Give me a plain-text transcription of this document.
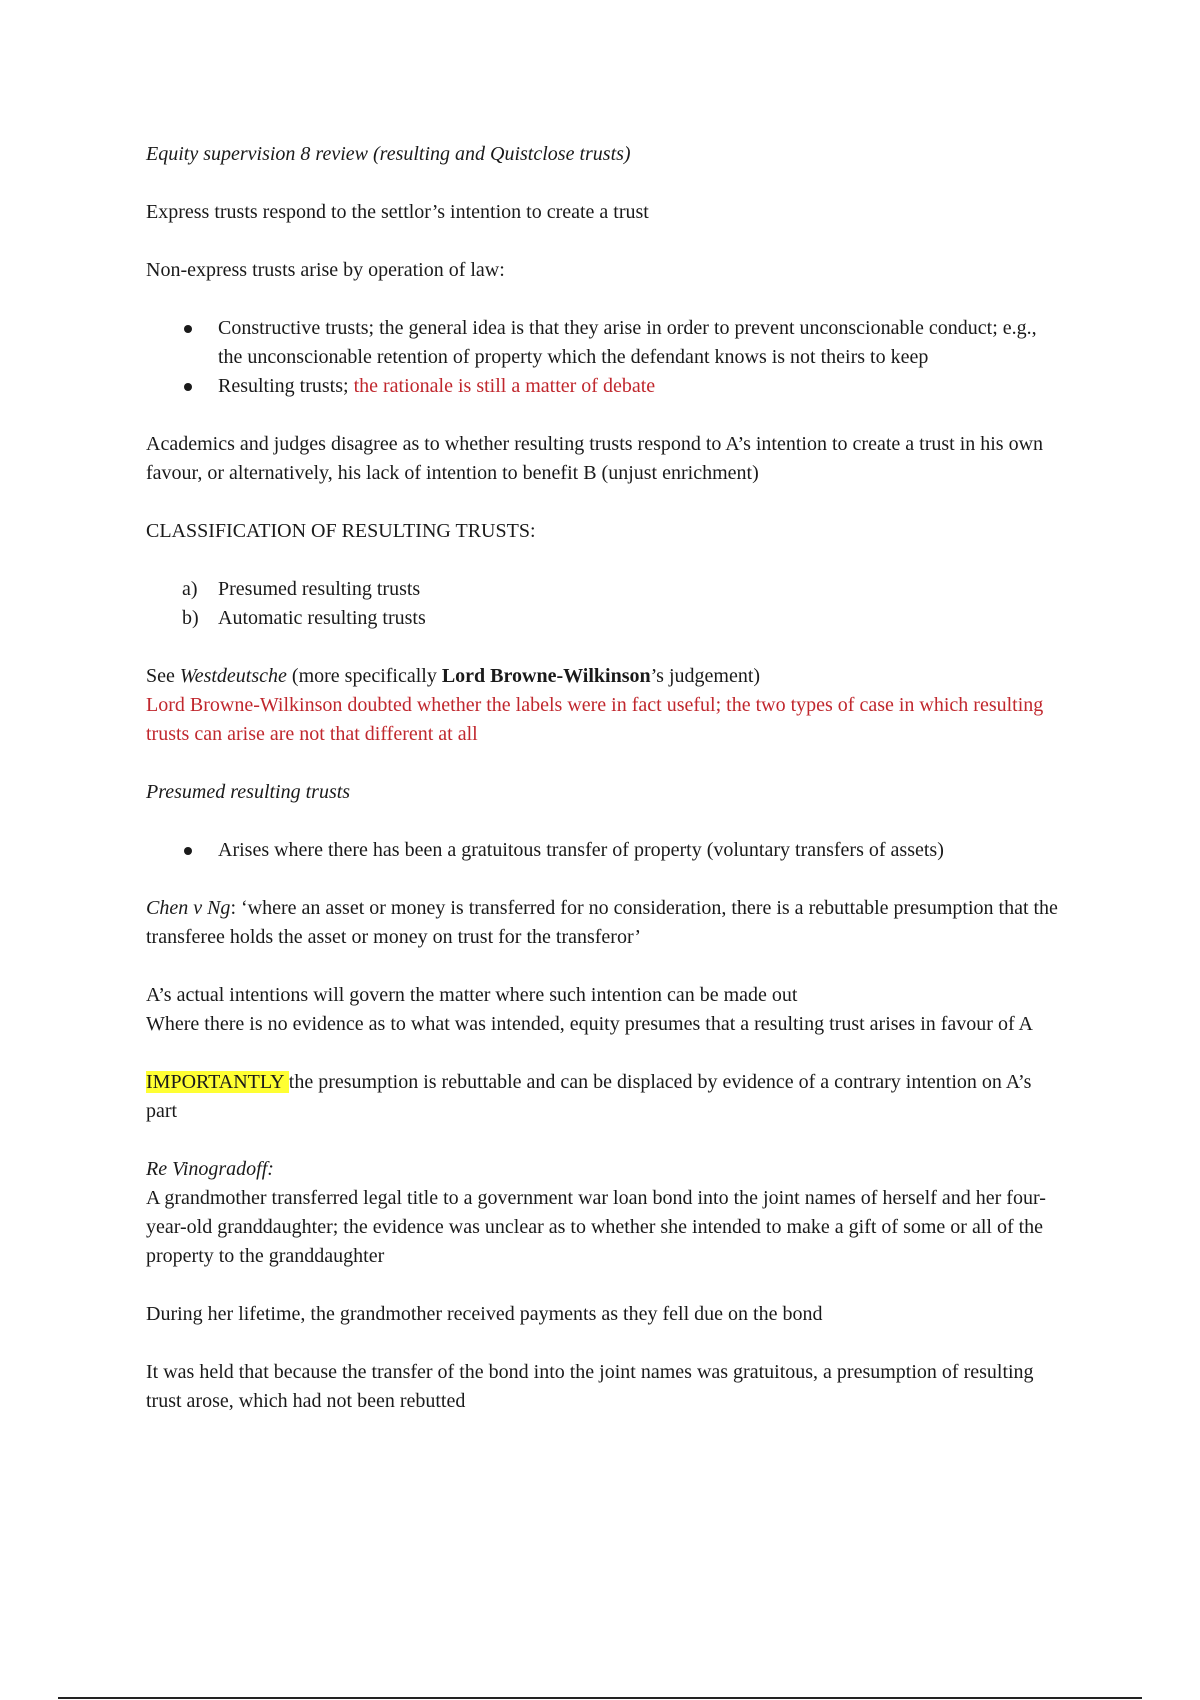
Equity supervision 8 review (resulting and Quistclose trusts)

Express trusts respond to the settlor’s intention to create a trust

Non-express trusts arise by operation of law:

Constructive trusts; the general idea is that they arise in order to prevent unconscionable conduct; e.g., the unconscionable retention of property which the defendant knows is not theirs to keep
Resulting trusts; the rationale is still a matter of debate

Academics and judges disagree as to whether resulting trusts respond to A’s intention to create a trust in his own favour, or alternatively, his lack of intention to benefit B (unjust enrichment)

CLASSIFICATION OF RESULTING TRUSTS:

a) Presumed resulting trusts
b) Automatic resulting trusts

See Westdeutsche (more specifically Lord Browne-Wilkinson’s judgement)

Lord Browne-Wilkinson doubted whether the labels were in fact useful; the two types of case in which resulting trusts can arise are not that different at all

Presumed resulting trusts

Arises where there has been a gratuitous transfer of property (voluntary transfers of assets)

Chen v Ng: ‘where an asset or money is transferred for no consideration, there is a rebuttable presumption that the transferee holds the asset or money on trust for the transferor’

A’s actual intentions will govern the matter where such intention can be made out

Where there is no evidence as to what was intended, equity presumes that a resulting trust arises in favour of A

IMPORTANTLY the presumption is rebuttable and can be displaced by evidence of a contrary intention on A’s part

Re Vinogradoff:

A grandmother transferred legal title to a government war loan bond into the joint names of herself and her four-year-old granddaughter; the evidence was unclear as to whether she intended to make a gift of some or all of the property to the granddaughter

During her lifetime, the grandmother received payments as they fell due on the bond

It was held that because the transfer of the bond into the joint names was gratuitous, a presumption of resulting trust arose, which had not been rebutted
